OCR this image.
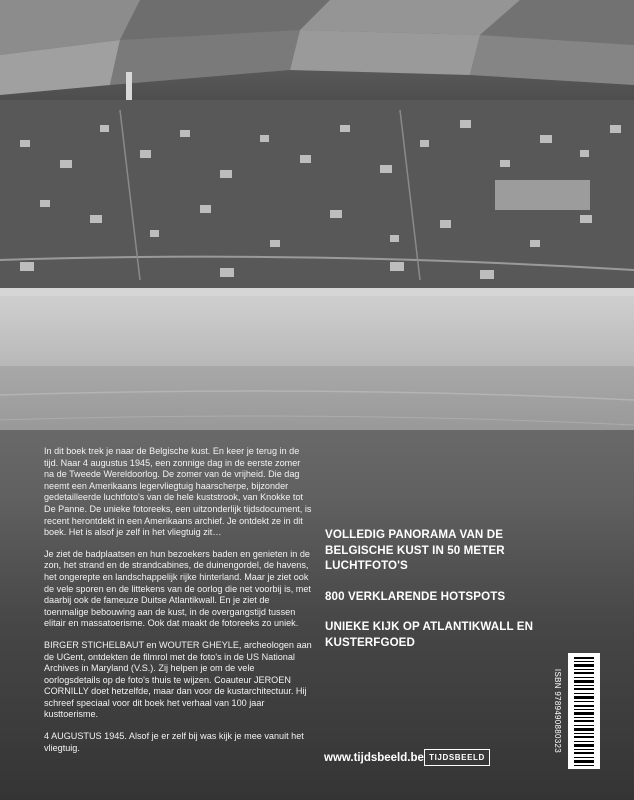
In dit boek trek je naar de Belgische kust. En keer je terug in de tijd. Naar 4 augustus 1945, een zonnige dag in de eerste zomer na de Tweede Wereldoorlog. De zomer van de vrijheid. Die dag neemt een Amerikaans legervliegtuig haarscherpe, bijzonder gedetailleerde luchtfoto's van de hele kuststrook, van Knokke tot De Panne. De unieke fotoreeks, een uitzonderlijk tijdsdocument, is recent herontdekt in een Amerikaans archief. Je ontdekt ze in dit boek. Het is alsof je zelf in het vliegtuig zit…

Je ziet de badplaatsen en hun bezoekers baden en genieten in de zon, het strand en de strandcabines, de duinengordel, de havens, het ongerepte en landschappelijk rijke hinterland. Maar je ziet ook de vele sporen en de littekens van de oorlog die net voorbij is, met daarbij ook de fameuze Duitse Atlantikwall. En je ziet de toenmalige bebouwing aan de kust, in de overgangstijd tussen elitair en massatoerisme. Ook dat maakt de fotoreeks zo uniek.

BIRGER STICHELBAUT en WOUTER GHEYLE, archeologen aan de UGent, ontdekten de filmrol met de foto's in de US National Archives in Maryland (V.S.). Zij helpen je om de vele oorlogsdetails op de foto's thuis te wijzen. Coauteur JEROEN CORNILLY doet hetzelfde, maar dan voor de kustarchitectuur. Hij schreef speciaal voor dit boek het verhaal van 100 jaar kusttoerisme.

4 AUGUSTUS 1945. Alsof je er zelf bij was kijk je mee vanuit het vliegtuig.

VOLLEDIG PANORAMA VAN DE BELGISCHE KUST IN 50 METER LUCHTFOTO'S
800 VERKLARENDE HOTSPOTS
UNIEKE KIJK OP ATLANTIKWALL EN KUSTERFGOED
www.tijdsbeeld.be TIJDSBEELD
ISBN 9789490880323
